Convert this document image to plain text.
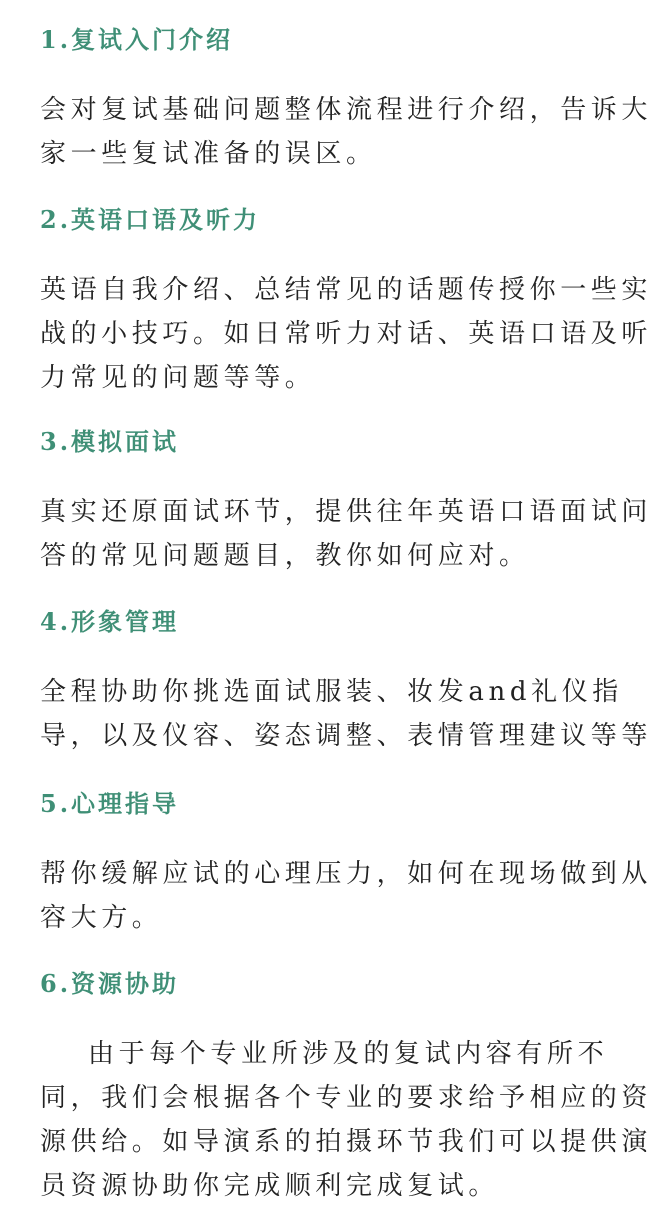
1.复试入门介绍

会对复试基础问题整体流程进行介绍，告诉大
家一些复试准备的误区。

2.英语口语及听力

英语自我介绍、总结常见的话题传授你一些实
战的小技巧。如日常听力对话、英语口语及听
力常见的问题等等。

3.模拟面试

真实还原面试环节，提供往年英语口语面试问
答的常见问题题目，教你如何应对。

4.形象管理

全程协助你挑选面试服装、妆发and礼仪指
导，以及仪容、姿态调整、表情管理建议等等

5.心理指导

帮你缓解应试的心理压力，如何在现场做到从
容大方。

6.资源协助

由于每个专业所涉及的复试内容有所不
同，我们会根据各个专业的要求给予相应的资
源供给。如导演系的拍摄环节我们可以提供演
员资源协助你完成顺利完成复试。
